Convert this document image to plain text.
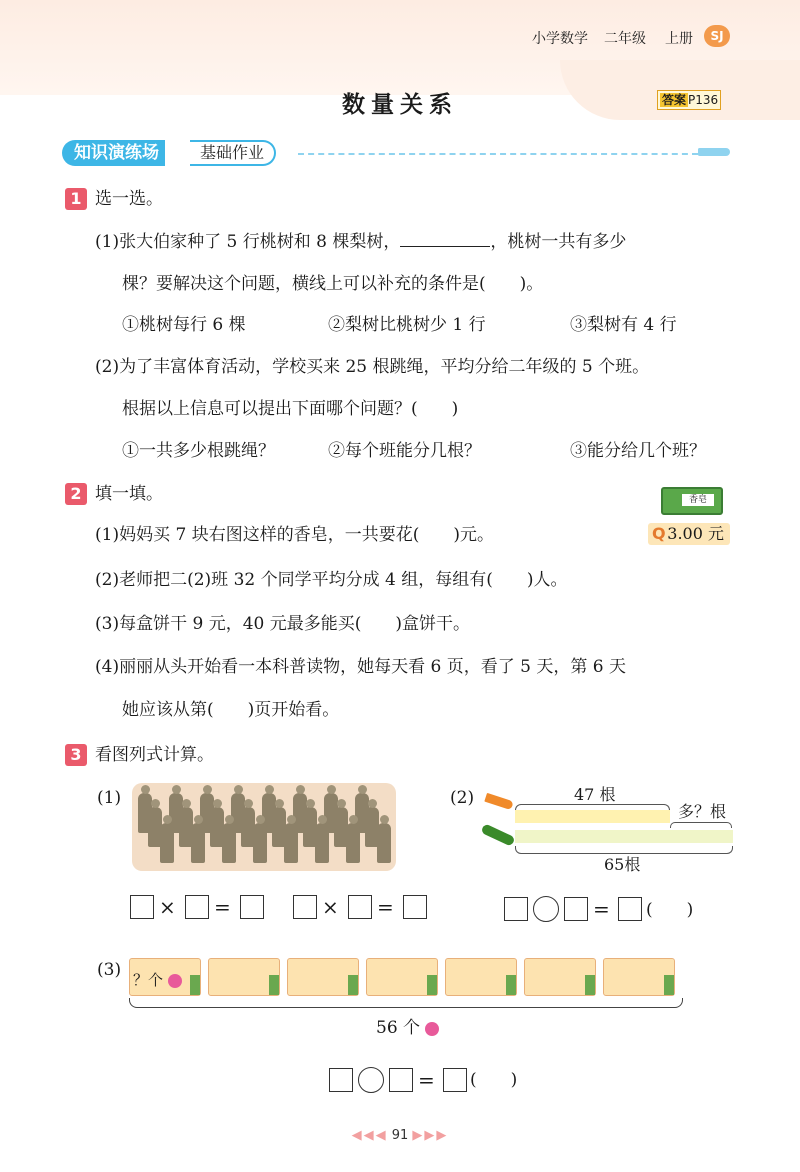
小学数学 二年级 上册	SJ
数量关系	答案 P136
知识演练场	基础作业
1 选一选。
(1)张大伯家种了 5 行桃树和 8 棵梨树，	，桃树一共有多少
棵？要解决这个问题，横线上可以补充的条件是(　　)。
①桃树每行 6 棵	②梨树比桃树少 1 行	③梨树有 4 行
(2)为了丰富体育活动，学校买来 25 根跳绳，平均分给二年级的 5 个班。
根据以上信息可以提出下面哪个问题？(　　)
①一共多少根跳绳？	②每个班能分几根？	③能分给几个班？
2 填一填。	香皂
Q 3.00 元
(1)妈妈买 7 块右图这样的香皂，一共要花(　　)元。
(2)老师把二(2)班 32 个同学平均分成 4 组，每组有(　　)人。
(3)每盒饼干 9 元，40 元最多能买(　　)盒饼干。
(4)丽丽从头开始看一本科普读物，她每天看 6 页，看了 5 天，第 6 天
她应该从第(　　)页开始看。
3 看图列式计算。
(1)	(2)	47 根
多？根
65根
× =	× =	= (　　)
(3) ？个
56 个
= (　　)
◀◀◀ 91 ▶▶▶
